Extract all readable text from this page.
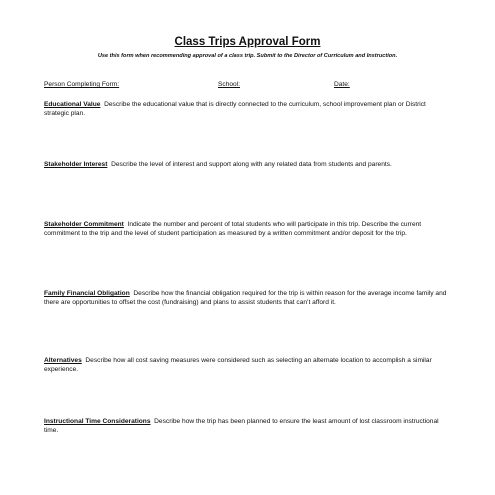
Class Trips Approval Form
Use this form when recommending approval of a class trip. Submit to the Director of Curriculum and Instruction.
Person Completing Form:	School:	Date:
Educational Value Describe the educational value that is directly connected to the curriculum, school improvement plan or District strategic plan.
Stakeholder Interest Describe the level of interest and support along with any related data from students and parents.
Stakeholder Commitment Indicate the number and percent of total students who will participate in this trip. Describe the current commitment to the trip and the level of student participation as measured by a written commitment and/or deposit for the trip.
Family Financial Obligation Describe how the financial obligation required for the trip is within reason for the average income family and there are opportunities to offset the cost (fundraising) and plans to assist students that can’t afford it.
Alternatives Describe how all cost saving measures were considered such as selecting an alternate location to accomplish a similar experience.
Instructional Time Considerations Describe how the trip has been planned to ensure the least amount of lost classroom instructional time.
